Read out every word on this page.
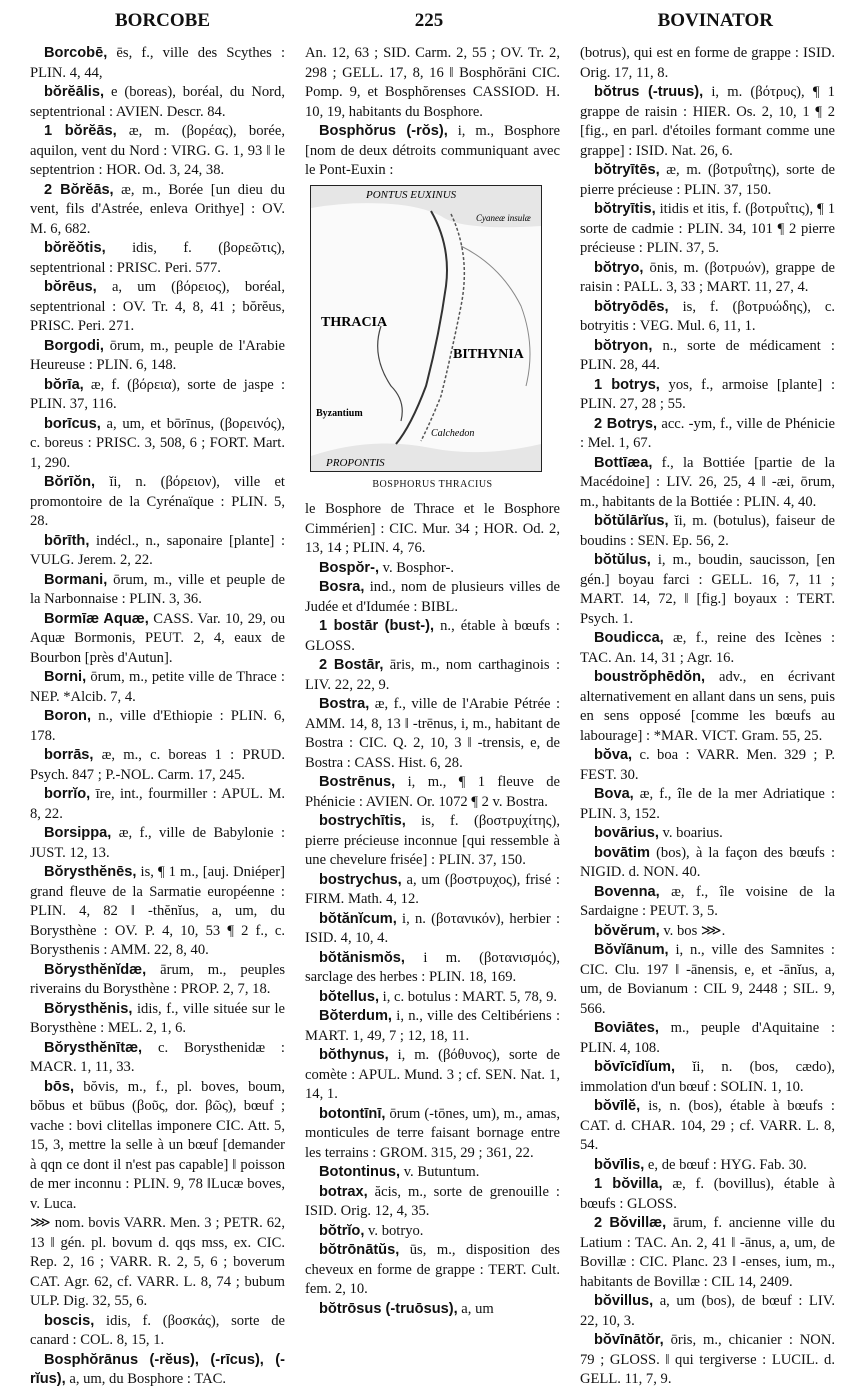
BORCOBE	225	BOVINATOR

Borcobē, ēs, f., ville des Scythes : PLIN. 4, 44,

bŏrĕālis, e (boreas), boréal, du Nord, septentrional : AVIEN. Descr. 84.

1 bŏrĕās, æ, m. (βορέας), borée, aquilon, vent du Nord : VIRG. G. 1, 93 ‖ le septentrion : HOR. Od. 3, 24, 38.

2 Bŏrĕās, æ, m., Borée [un dieu du vent, fils d'Astrée, enleva Orithye] : OV. M. 6, 682.

bŏrĕŏtis, idis, f. (βορεῶτις), septentrional : PRISC. Peri. 577.

bŏrēus, a, um (βόρειος), boréal, septentrional : OV. Tr. 4, 8, 41 ; bŏrĕus, PRISC. Peri. 271.

Borgodi, ōrum, m., peuple de l'Arabie Heureuse : PLIN. 6, 148.

bŏrīa, æ, f. (βόρεια), sorte de jaspe : PLIN. 37, 116.

borīcus, a, um, et bōrīnus, (βορεινός), c. boreus : PRISC. 3, 508, 6 ; FORT. Mart. 1, 290.

Bŏrīŏn, ĭi, n. (βόρειον), ville et promontoire de la Cyrénaïque : PLIN. 5, 28.

bōrīth, indécl., n., saponaire [plante] : VULG. Jerem. 2, 22.

Bormani, ōrum, m., ville et peuple de la Narbonnaise : PLIN. 3, 36.

Bormīæ Aquæ, CASS. Var. 10, 29, ou Aquæ Bormonis, PEUT. 2, 4, eaux de Bourbon [près d'Autun].

Borni, ōrum, m., petite ville de Thrace : NEP. *Alcib. 7, 4.

Boron, n., ville d'Ethiopie : PLIN. 6, 178.

borrās, æ, m., c. boreas 1 : PRUD. Psych. 847 ; P.-NOL. Carm. 17, 245.

borrĭo, īre, int., fourmiller : APUL. M. 8, 22.

Borsippa, æ, f., ville de Babylonie : JUST. 12, 13.

Bŏrysthĕnēs, is, ¶ 1 m., [auj. Dniéper] grand fleuve de la Sarmatie européenne : PLIN. 4, 82 ‖ -thĕnĭus, a, um, du Borysthène : OV. P. 4, 10, 53 ¶ 2 f., c. Borysthenis : AMM. 22, 8, 40.

Bŏrysthĕnĭdæ, ārum, m., peuples riverains du Borysthène : PROP. 2, 7, 18.

Bŏrysthĕnis, idis, f., ville située sur le Borysthène : MEL. 2, 1, 6.

Bŏrysthĕnītæ, c. Borysthenidæ : MACR. 1, 11, 33.

bōs, bŏvis, m., f., pl. boves, boum, bŏbus et būbus (βοῦς, dor. βῶς), bœuf ; vache : bovi clitellas imponere CIC. Att. 5, 15, 3, mettre la selle à un bœuf [demander à qqn ce dont il n'est pas capable] ‖ poisson de mer inconnu : PLIN. 9, 78 ‖Lucæ boves, v. Luca.

⋙ nom. bovis VARR. Men. 3 ; PETR. 62, 13 ‖ gén. pl. bovum d. qqs mss, ex. CIC. Rep. 2, 16 ; VARR. R. 2, 5, 6 ; boverum CAT. Agr. 62, cf. VARR. L. 8, 74 ; bubum ULP. Dig. 32, 55, 6.

boscis, idis, f. (βοσκάς), sorte de canard : COL. 8, 15, 1.

Bosphŏrānus (-rĕus), (-rīcus), (-rĭus), a, um, du Bosphore : TAC.

An. 12, 63 ; SID. Carm. 2, 55 ; OV. Tr. 2, 298 ; GELL. 17, 8, 16 ‖ Bosphŏrāni CIC. Pomp. 9, et Bosphŏrenses CASSIOD. H. 10, 19, habitants du Bosphore.

Bosphŏrus (-rŏs), i, m., Bosphore [nom de deux détroits communiquant avec le Pont-Euxin :

PONTUS EUXINUS
Cyaneæ insulæ
THRACIA
BITHYNIA
Byzantium
Calchedon
PROPONTIS
BOSPHORUS THRACIUS

le Bosphore de Thrace et le Bosphore Cimmérien] : CIC. Mur. 34 ; HOR. Od. 2, 13, 14 ; PLIN. 4, 76.

Bospŏr-, v. Bosphor-.

Bosra, ind., nom de plusieurs villes de Judée et d'Idumée : BIBL.

1 bostār (bust-), n., étable à bœufs : GLOSS.

2 Bostār, āris, m., nom carthaginois : LIV. 22, 22, 9.

Bostra, æ, f., ville de l'Arabie Pétrée : AMM. 14, 8, 13 ‖ -trēnus, i, m., habitant de Bostra : CIC. Q. 2, 10, 3 ‖ -trensis, e, de Bostra : CASS. Hist. 6, 28.

Bostrēnus, i, m., ¶ 1 fleuve de Phénicie : AVIEN. Or. 1072 ¶ 2 v. Bostra.

bostrychītis, is, f. (βοστρυχίτης), pierre précieuse inconnue [qui ressemble à une chevelure frisée] : PLIN. 37, 150.

bostrychus, a, um (βοστρυχος), frisé : FIRM. Math. 4, 12.

bŏtănĭcum, i, n. (βοτανικόν), herbier : ISID. 4, 10, 4.

bŏtănismŏs, i m. (βοτανισμός), sarclage des herbes : PLIN. 18, 169.

bŏtellus, i, c. botulus : MART. 5, 78, 9.

Bŏterdum, i, n., ville des Celtibériens : MART. 1, 49, 7 ; 12, 18, 11.

bŏthynus, i, m. (βόθυνος), sorte de comète : APUL. Mund. 3 ; cf. SEN. Nat. 1, 14, 1.

botontīnī, ōrum (-tōnes, um), m., amas, monticules de terre faisant bornage entre les terrains : GROM. 315, 29 ; 361, 22.

Botontinus, v. Butuntum.

botrax, ăcis, m., sorte de grenouille : ISID. Orig. 12, 4, 35.

bŏtrĭo, v. botryo.

bŏtrōnātŭs, ūs, m., disposition des cheveux en forme de grappe : TERT. Cult. fem. 2, 10.

bŏtrōsus (-truōsus), a, um

(botrus), qui est en forme de grappe : ISID. Orig. 17, 11, 8.

bŏtrus (-truus), i, m. (βότρυς), ¶ 1 grappe de raisin : HIER. Os. 2, 10, 1 ¶ 2 [fig., en parl. d'étoiles formant comme une grappe] : ISID. Nat. 26, 6.

bŏtryītēs, æ, m. (βοτρυΐτης), sorte de pierre précieuse : PLIN. 37, 150.

bŏtryītis, itidis et itis, f. (βοτρυΐτις), ¶ 1 sorte de cadmie : PLIN. 34, 101 ¶ 2 pierre précieuse : PLIN. 37, 5.

bŏtryo, ōnis, m. (βοτρυών), grappe de raisin : PALL. 3, 33 ; MART. 11, 27, 4.

bŏtryōdēs, is, f. (βοτρυώδης), c. botryitis : VEG. Mul. 6, 11, 1.

bŏtryon, n., sorte de médicament : PLIN. 28, 44.

1 botrys, yos, f., armoise [plante] : PLIN. 27, 28 ; 55.

2 Botrys, acc. -ym, f., ville de Phénicie : Mel. 1, 67.

Bottīæa, f., la Bottiée [partie de la Macédoine] : LIV. 26, 25, 4 ‖ -æi, ōrum, m., habitants de la Bottiée : PLIN. 4, 40.

bŏtŭlārĭus, ĭi, m. (botulus), faiseur de boudins : SEN. Ep. 56, 2.

bŏtŭlus, i, m., boudin, saucisson, [en gén.] boyau farci : GELL. 16, 7, 11 ; MART. 14, 72, ‖ [fig.] boyaux : TERT. Psych. 1.

Boudicca, æ, f., reine des Icènes : TAC. An. 14, 31 ; Agr. 16.

boustrŏphēdŏn, adv., en écrivant alternativement en allant dans un sens, puis en sens opposé [comme les bœufs au labourage] : *MAR. VICT. Gram. 55, 25.

bŏva, c. boa : VARR. Men. 329 ; P. FEST. 30.

Bova, æ, f., île de la mer Adriatique : PLIN. 3, 152.

bovārius, v. boarius.

bovātim (bos), à la façon des bœufs : NIGID. d. NON. 40.

Bovenna, æ, f., île voisine de la Sardaigne : PEUT. 3, 5.

bŏvĕrum, v. bos ⋙.

Bŏvĭānum, i, n., ville des Samnites : CIC. Clu. 197 ‖ -ānensis, e, et -ānĭus, a, um, de Bovianum : CIL 9, 2448 ; SIL. 9, 566.

Boviātes, m., peuple d'Aquitaine : PLIN. 4, 108.

bŏvīcīdĭum, ĭi, n. (bos, cædo), immolation d'un bœuf : SOLIN. 1, 10.

bŏvīlĕ, is, n. (bos), étable à bœufs : CAT. d. CHAR. 104, 29 ; cf. VARR. L. 8, 54.

bŏvīlis, e, de bœuf : HYG. Fab. 30.

1 bŏvilla, æ, f. (bovillus), étable à bœufs : GLOSS.

2 Bŏvillæ, ārum, f. ancienne ville du Latium : TAC. An. 2, 41 ‖ -ānus, a, um, de Bovillæ : CIC. Planc. 23 ‖ -enses, ium, m., habitants de Bovillæ : CIL 14, 2409.

bŏvillus, a, um (bos), de bœuf : LIV. 22, 10, 3.

bŏvīnātŏr, ōris, m., chicanier : NON. 79 ; GLOSS. ‖ qui tergiverse : LUCIL. d. GELL. 11, 7, 9.
